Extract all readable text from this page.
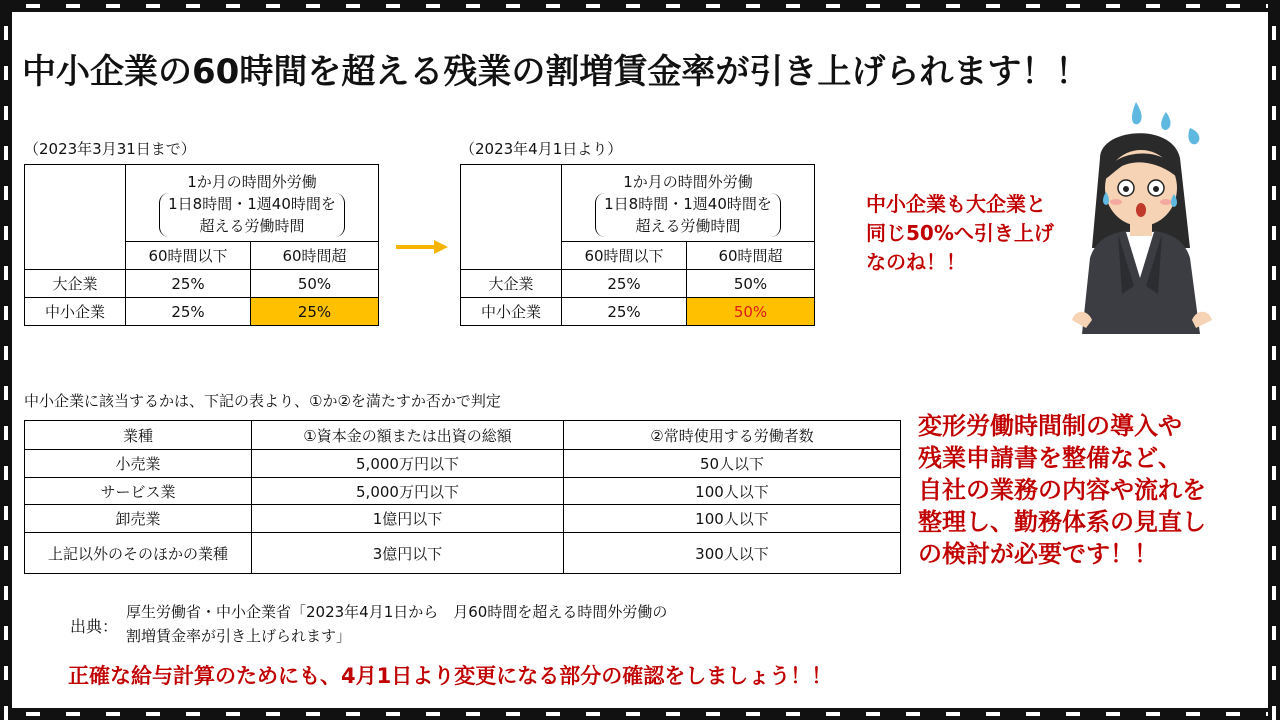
中小企業の60時間を超える残業の割増賃金率が引き上げられます！！
（2023年3月31日まで）

	1か月の時間外労働
1日8時間・1週40時間を
超える労働時間	

	60時間以下	60時間超
大企業	25%	50%
中小企業	25%	25%
（2023年4月1日より）

	1か月の時間外労働
1日8時間・1週40時間を
超える労働時間	

	60時間以下	60時間超
大企業	25%	50%
中小企業	25%	50%
中小企業も大企業と
同じ50%へ引き上げ
なのね！！
中小企業に該当するかは、下記の表より、①か②を満たすか否かで判定
業種	①資本金の額または出資の総額	②常時使用する労働者数
小売業	5,000万円以下	50人以下
サービス業	5,000万円以下	100人以下
卸売業	1億円以下	100人以下
上記以外のそのほかの業種	3億円以下	300人以下
変形労働時間制の導入や
残業申請書を整備など、
自社の業務の内容や流れを
整理し、勤務体系の見直し
の検討が必要です！！
出典：
厚生労働省・中小企業省「2023年4月1日から　月60時間を超える時間外労働の
割増賃金率が引き上げられます」
正確な給与計算のためにも、4月1日より変更になる部分の確認をしましょう！！
